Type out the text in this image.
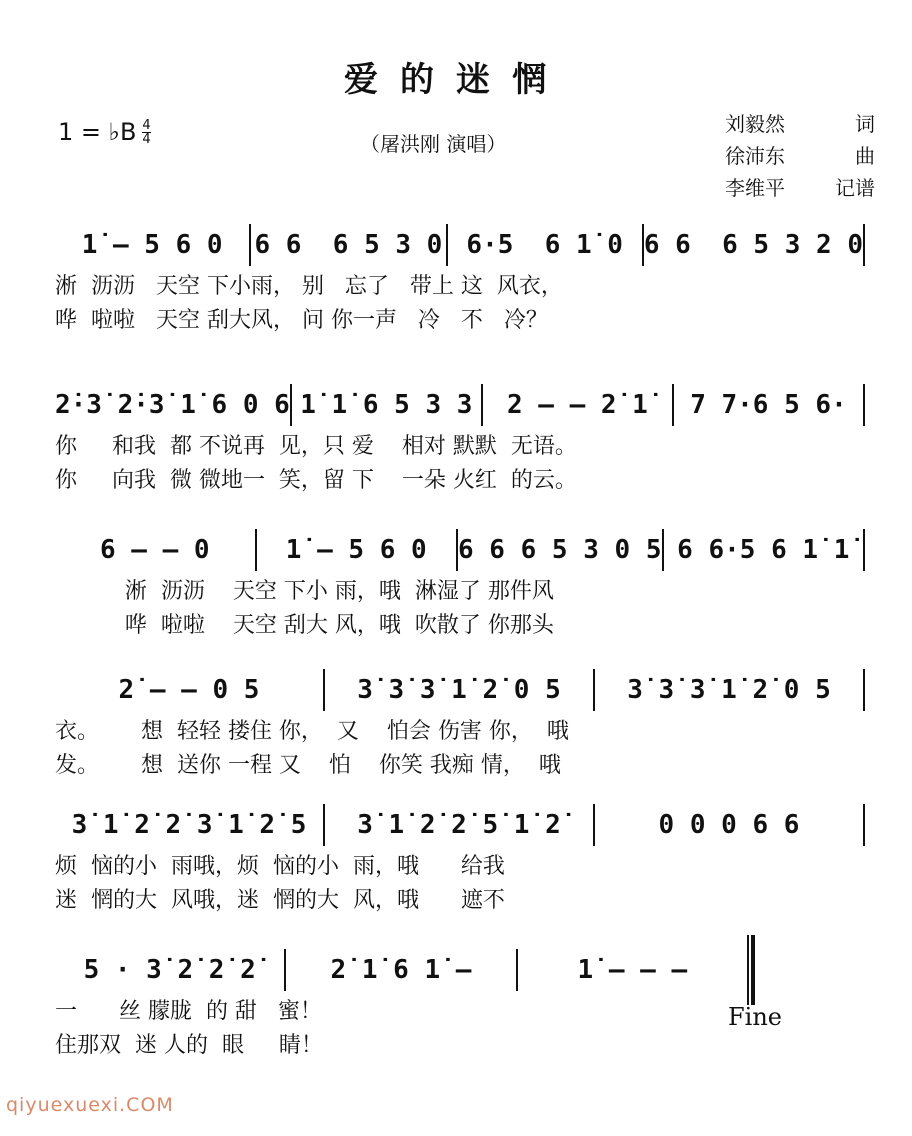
爱的迷惘
1 = ♭B $\frac{4}{4}$	（屠洪刚 演唱）
刘毅然	词
徐沛东	曲
李维平	记谱
1̇ – 5 6 0	6 6  6 5 3 0 6·5  6 1̇ 0 6 6  6 5 3 2 0
淅  沥沥   天空 下小雨， 别   忘了   带上 这  风衣，
哗  啦啦   天空 刮大风， 问 你一声   冷   不   冷？
2̇·3̇ 2̇·3̇ 1̇ 6 0 6 1̇ 1̇ 6 5 3 3	2 – – 2̇ 1̇	7 7·6 5 6·
你     和我  都 不说再  见，只 爱    相对 默默  无语。
你     向我  微 微地一  笑，留 下    一朵 火红  的云。
6 – – 0	1̇ – 5 6 0	6 6 6 5 3 0 5 6 6·5 6 1̇ 1̇
淅  沥沥    天空 下小 雨，哦  淋湿了 那件风
哗  啦啦    天空 刮大 风，哦  吹散了 你那头
2̇ – – 0 5	3̇ 3̇ 3̇ 1̇ 2̇ 0 5	3̇ 3̇ 3̇ 1̇ 2̇ 0 5
衣。      想  轻轻 搂住 你，  又    怕会 伤害 你，  哦
发。      想  送你 一程 又    怕    你笑 我痴 情，  哦
3̇ 1̇ 2̇ 2̇ 3̇ 1̇ 2̇ 5	3̇ 1̇ 2̇ 2̇ 5̇ 1̇ 2̇	0 0 0 6 6
烦  恼的小  雨哦，烦  恼的小  雨，哦      给我
迷  惘的大  风哦，迷  惘的大  风，哦      遮不
5 · 3̇ 2̇ 2̇ 2̇	2̇ 1̇ 6 1̇ –	1̇ – – –
一      丝 朦胧  的 甜   蜜！
住那双  迷 人的  眼     睛！
Fine
qiyuexuexi.COM
